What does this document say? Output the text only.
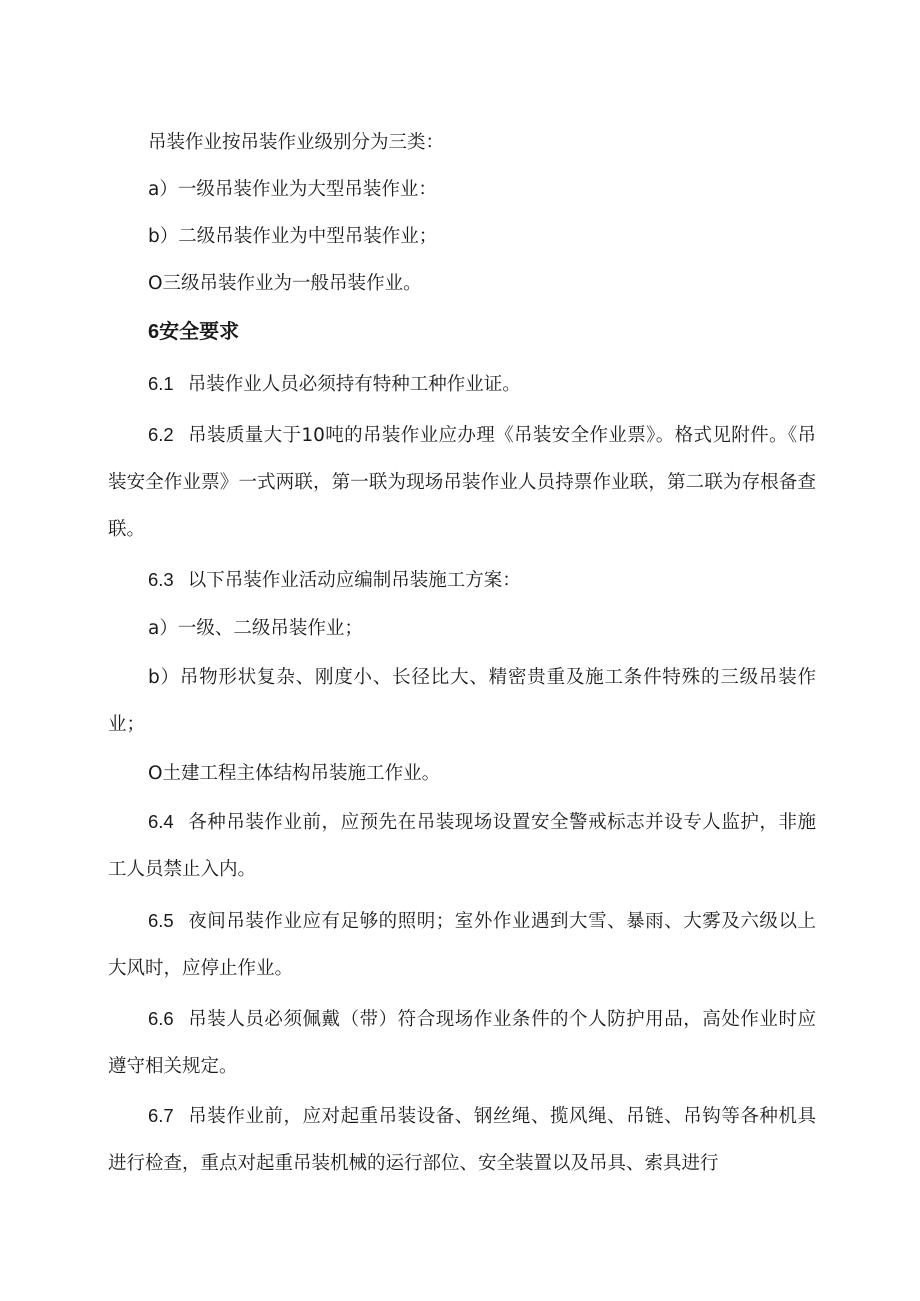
吊装作业按吊装作业级别分为三类：

a）一级吊装作业为大型吊装作业：

b）二级吊装作业为中型吊装作业；

O三级吊装作业为一般吊装作业。

6安全要求

6.1 吊装作业人员必须持有特种工种作业证。

6.2 吊装质量大于10吨的吊装作业应办理《吊装安全作业票》。格式见附件。《吊装安全作业票》一式两联，第一联为现场吊装作业人员持票作业联，第二联为存根备查联。

6.3 以下吊装作业活动应编制吊装施工方案：

a）一级、二级吊装作业；

b）吊物形状复杂、刚度小、长径比大、精密贵重及施工条件特殊的三级吊装作业；

O土建工程主体结构吊装施工作业。

6.4 各种吊装作业前，应预先在吊装现场设置安全警戒标志并设专人监护，非施工人员禁止入内。

6.5 夜间吊装作业应有足够的照明；室外作业遇到大雪、暴雨、大雾及六级以上大风时，应停止作业。

6.6 吊装人员必须佩戴（带）符合现场作业条件的个人防护用品，高处作业时应遵守相关规定。

6.7 吊装作业前，应对起重吊装设备、钢丝绳、揽风绳、吊链、吊钩等各种机具进行检查，重点对起重吊装机械的运行部位、安全装置以及吊具、索具进行
